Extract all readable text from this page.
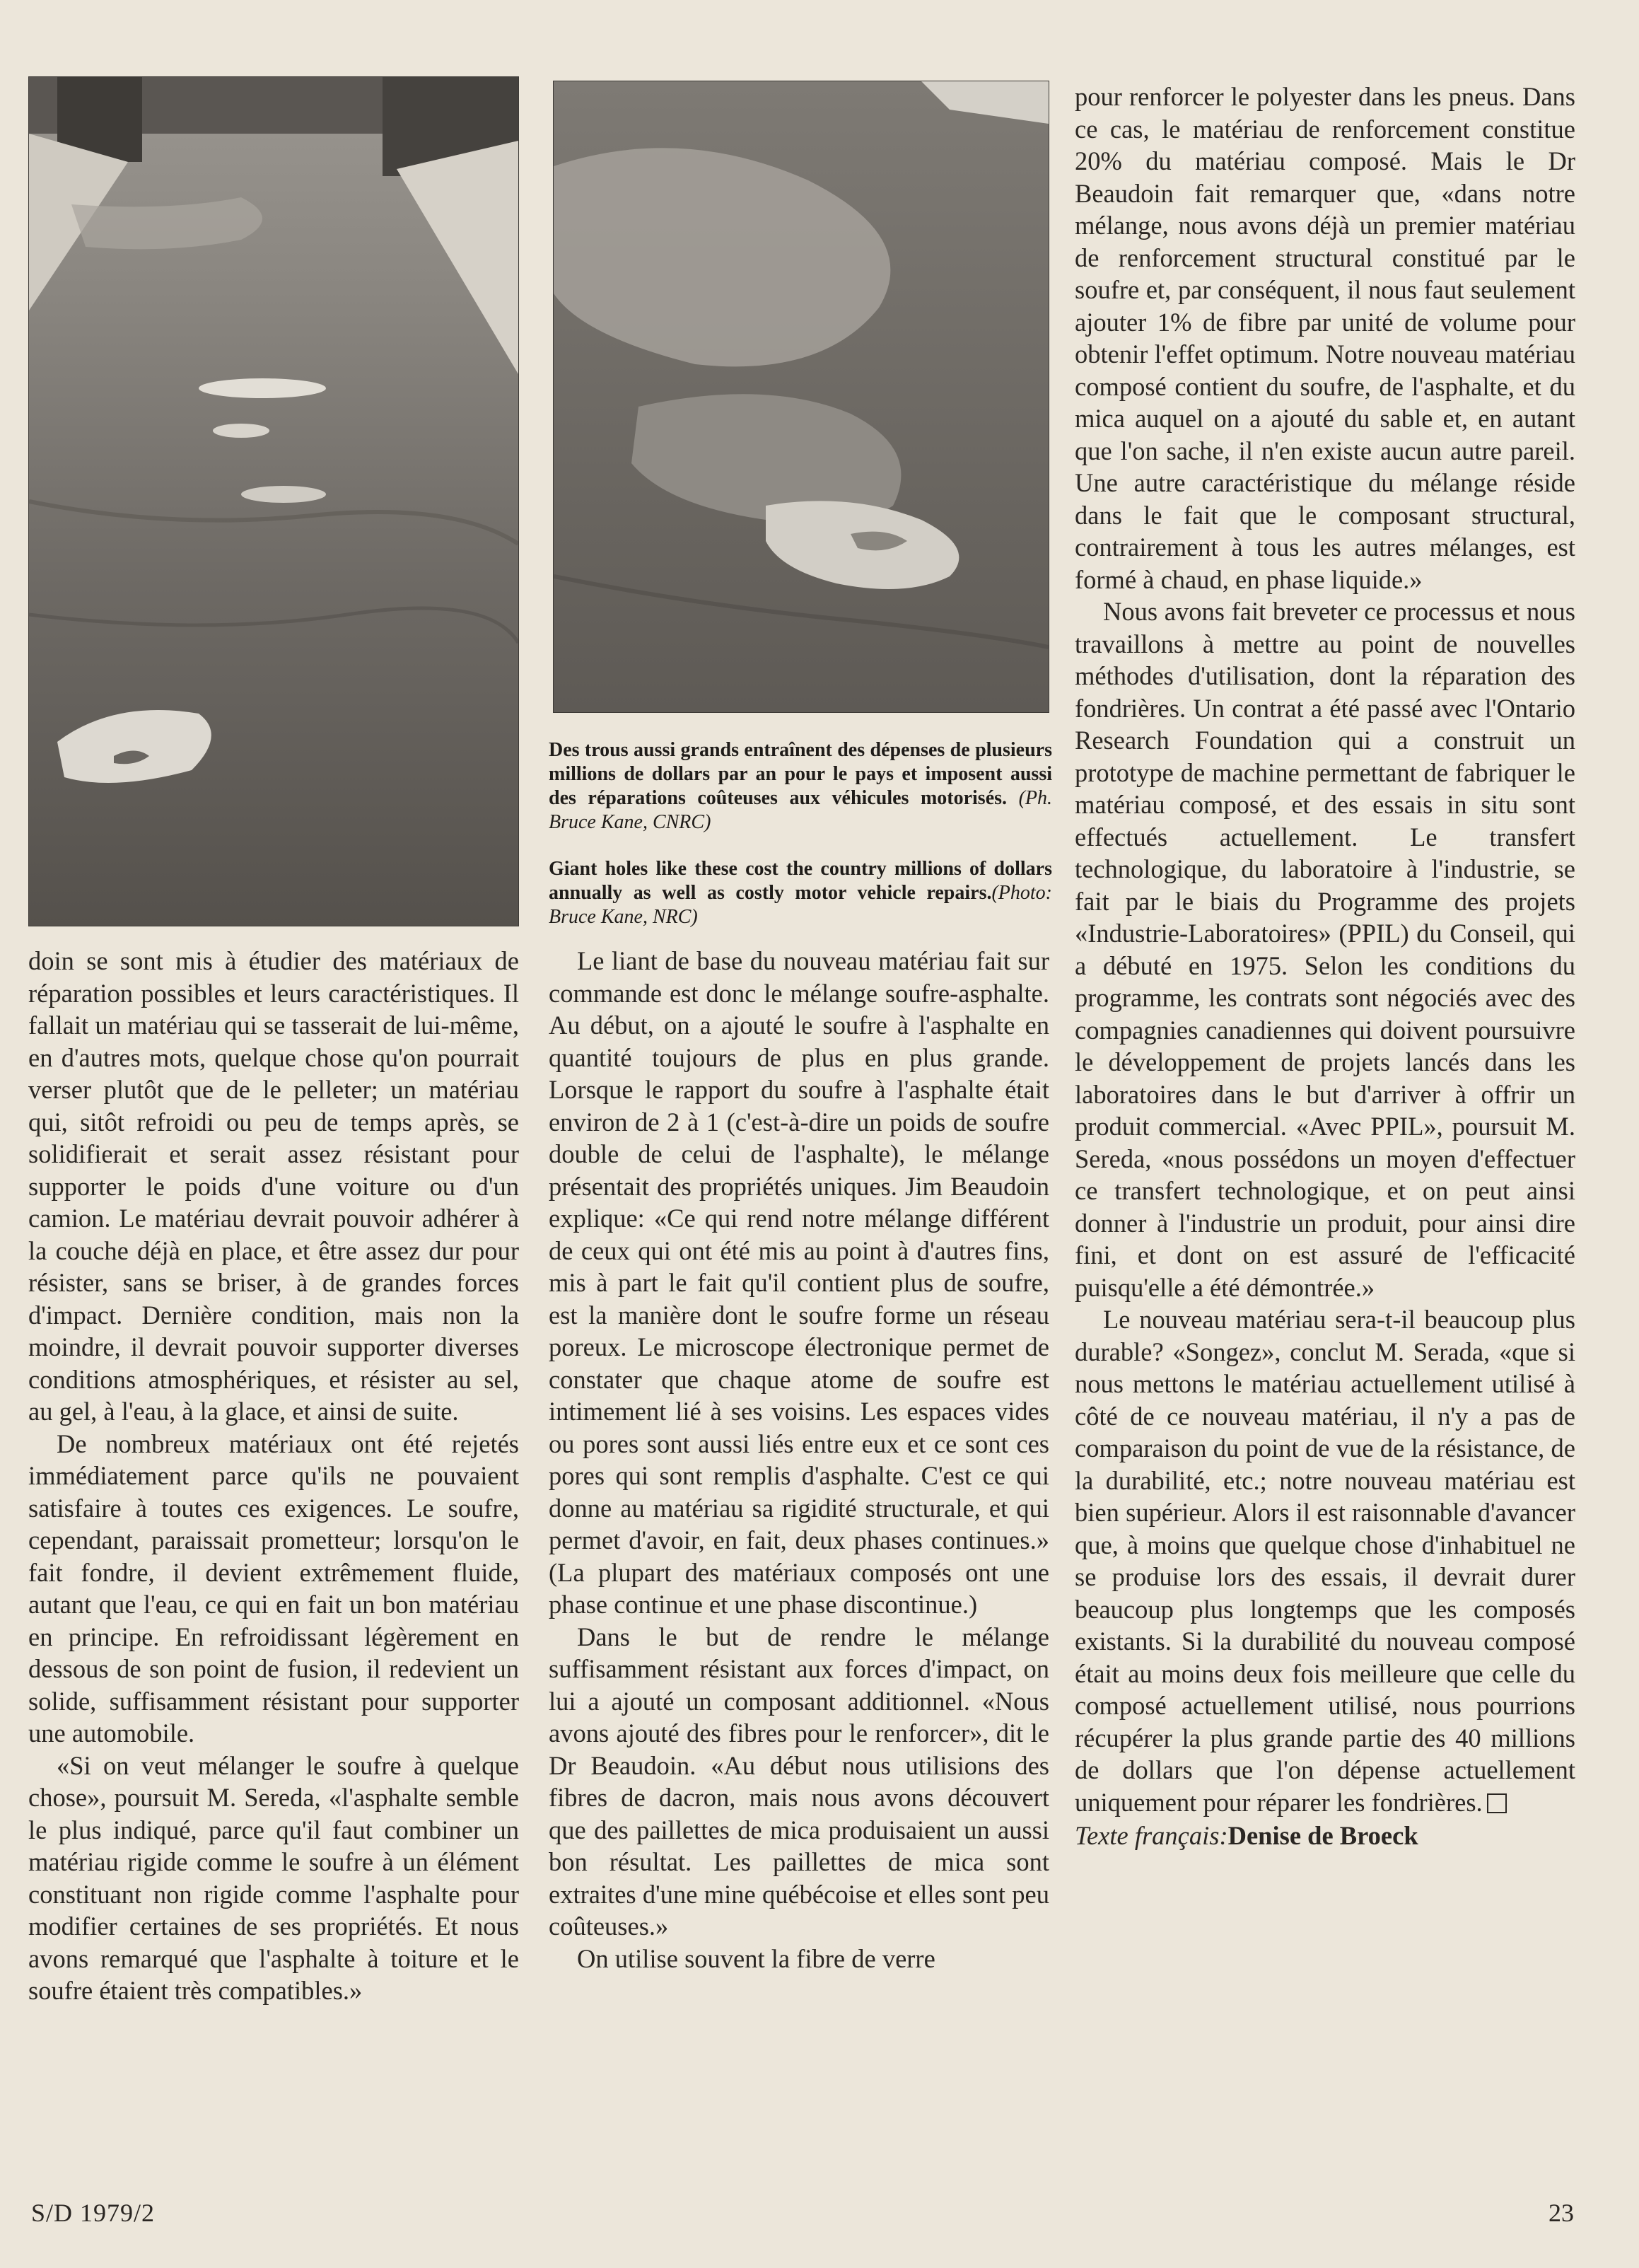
Des trous aussi grands entraînent des dépenses de plusieurs millions de dollars par an pour le pays et imposent aussi des réparations coûteuses aux véhicules motorisés. (Ph. Bruce Kane, CNRC)
Giant holes like these cost the country millions of dollars annually as well as costly motor vehicle repairs.(Photo: Bruce Kane, NRC)

doin se sont mis à étudier des matériaux de réparation possibles et leurs caractéristiques. Il fallait un matériau qui se tasserait de lui-même, en d'autres mots, quelque chose qu'on pourrait verser plutôt que de le pelleter; un matériau qui, sitôt refroidi ou peu de temps après, se solidifierait et serait assez résistant pour supporter le poids d'une voiture ou d'un camion. Le matériau devrait pouvoir adhérer à la couche déjà en place, et être assez dur pour résister, sans se briser, à de grandes forces d'impact. Dernière condition, mais non la moindre, il devrait pouvoir supporter diverses conditions atmosphériques, et résister au sel, au gel, à l'eau, à la glace, et ainsi de suite.

De nombreux matériaux ont été rejetés immédiatement parce qu'ils ne pouvaient satisfaire à toutes ces exigences. Le soufre, cependant, paraissait prometteur; lorsqu'on le fait fondre, il devient extrêmement fluide, autant que l'eau, ce qui en fait un bon matériau en principe. En refroidissant légèrement en dessous de son point de fusion, il redevient un solide, suffisamment résistant pour supporter une automobile.

«Si on veut mélanger le soufre à quelque chose», poursuit M. Sereda, «l'asphalte semble le plus indiqué, parce qu'il faut combiner un matériau rigide comme le soufre à un élément constituant non rigide comme l'asphalte pour modifier certaines de ses propriétés. Et nous avons remarqué que l'asphalte à toiture et le soufre étaient très compatibles.»

Le liant de base du nouveau matériau fait sur commande est donc le mélange soufre-asphalte. Au début, on a ajouté le soufre à l'asphalte en quantité toujours de plus en plus grande. Lorsque le rapport du soufre à l'asphalte était environ de 2 à 1 (c'est-à-dire un poids de soufre double de celui de l'asphalte), le mélange présentait des propriétés uniques. Jim Beaudoin explique: «Ce qui rend notre mélange différent de ceux qui ont été mis au point à d'autres fins, mis à part le fait qu'il contient plus de soufre, est la manière dont le soufre forme un réseau poreux. Le microscope électronique permet de constater que chaque atome de soufre est intimement lié à ses voisins. Les espaces vides ou pores sont aussi liés entre eux et ce sont ces pores qui sont remplis d'asphalte. C'est ce qui donne au matériau sa rigidité structurale, et qui permet d'avoir, en fait, deux phases continues.» (La plupart des matériaux composés ont une phase continue et une phase discontinue.)

Dans le but de rendre le mélange suffisamment résistant aux forces d'impact, on lui a ajouté un composant additionnel. «Nous avons ajouté des fibres pour le renforcer», dit le Dr Beaudoin. «Au début nous utilisions des fibres de dacron, mais nous avons découvert que des paillettes de mica produisaient un aussi bon résultat. Les paillettes de mica sont extraites d'une mine québécoise et elles sont peu coûteuses.»

On utilise souvent la fibre de verre

pour renforcer le polyester dans les pneus. Dans ce cas, le matériau de renforcement constitue 20% du matériau composé. Mais le Dr Beaudoin fait remarquer que, «dans notre mélange, nous avons déjà un premier matériau de renforcement structural constitué par le soufre et, par conséquent, il nous faut seulement ajouter 1% de fibre par unité de volume pour obtenir l'effet optimum. Notre nouveau matériau composé contient du soufre, de l'asphalte, et du mica auquel on a ajouté du sable et, en autant que l'on sache, il n'en existe aucun autre pareil. Une autre caractéristique du mélange réside dans le fait que le composant structural, contrairement à tous les autres mélanges, est formé à chaud, en phase liquide.»

Nous avons fait breveter ce processus et nous travaillons à mettre au point de nouvelles méthodes d'utilisation, dont la réparation des fondrières. Un contrat a été passé avec l'Ontario Research Foundation qui a construit un prototype de machine permettant de fabriquer le matériau composé, et des essais in situ sont effectués actuellement. Le transfert technologique, du laboratoire à l'industrie, se fait par le biais du Programme des projets «Industrie-Laboratoires» (PPIL) du Conseil, qui a débuté en 1975. Selon les conditions du programme, les contrats sont négociés avec des compagnies canadiennes qui doivent poursuivre le développement de projets lancés dans les laboratoires dans le but d'arriver à offrir un produit commercial. «Avec PPIL», poursuit M. Sereda, «nous possédons un moyen d'effectuer ce transfert technologique, et on peut ainsi donner à l'industrie un produit, pour ainsi dire fini, et dont on est assuré de l'efficacité puisqu'elle a été démontrée.»

Le nouveau matériau sera-t-il beaucoup plus durable? «Songez», conclut M. Serada, «que si nous mettons le matériau actuellement utilisé à côté de ce nouveau matériau, il n'y a pas de comparaison du point de vue de la résistance, de la durabilité, etc.; notre nouveau matériau est bien supérieur. Alors il est raisonnable d'avancer que, à moins que quelque chose d'inhabituel ne se produise lors des essais, il devrait durer beaucoup plus longtemps que les composés existants. Si la durabilité du nouveau composé était au moins deux fois meilleure que celle du composé actuellement utilisé, nous pourrions récupérer la plus grande partie des 40 millions de dollars que l'on dépense actuellement uniquement pour réparer les fondrières.

Texte français:Denise de Broeck

S/D 1979/2	23
